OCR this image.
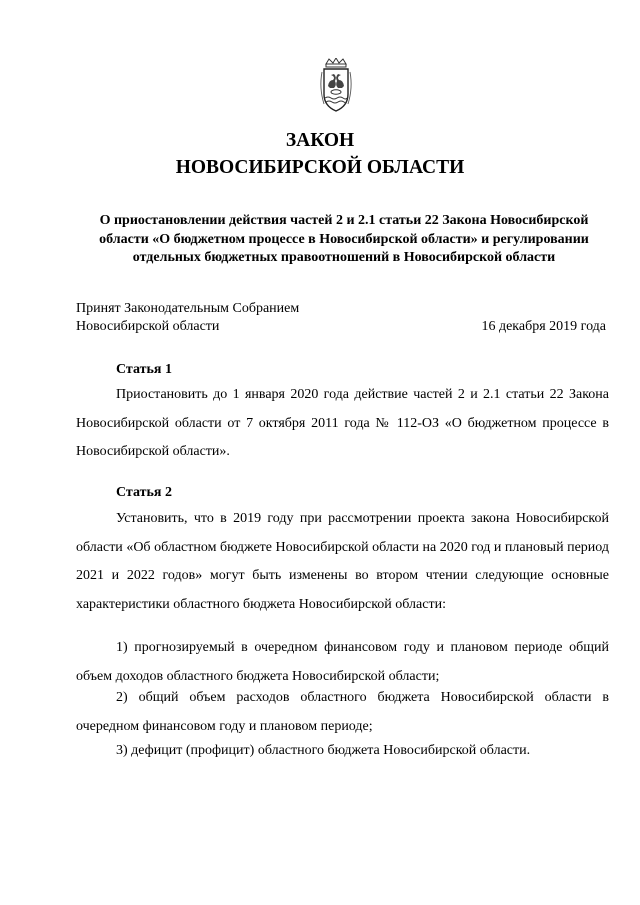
ЗАКОН
НОВОСИБИРСКОЙ ОБЛАСТИ
О приостановлении действия частей 2 и 2.1 статьи 22 Закона Новосибирской области «О бюджетном процессе в Новосибирской области» и регулировании отдельных бюджетных правоотношений в Новосибирской области
Принят Законодательным Собранием
Новосибирской области	16 декабря 2019 года
Статья 1

Приостановить до 1 января 2020 года действие частей 2 и 2.1 статьи 22 Закона Новосибирской области от 7 октября 2011 года № 112-ОЗ «О бюджетном процессе в Новосибирской области».

Статья 2

Установить, что в 2019 году при рассмотрении проекта закона Новосибирской области «Об областном бюджете Новосибирской области на 2020 год и плановый период 2021 и 2022 годов» могут быть изменены во втором чтении следующие основные характеристики областного бюджета Новосибирской области:

1) прогнозируемый в очередном финансовом году и плановом периоде общий объем доходов областного бюджета Новосибирской области;

2) общий объем расходов областного бюджета Новосибирской области в очередном финансовом году и плановом периоде;

3) дефицит (профицит) областного бюджета Новосибирской области.
